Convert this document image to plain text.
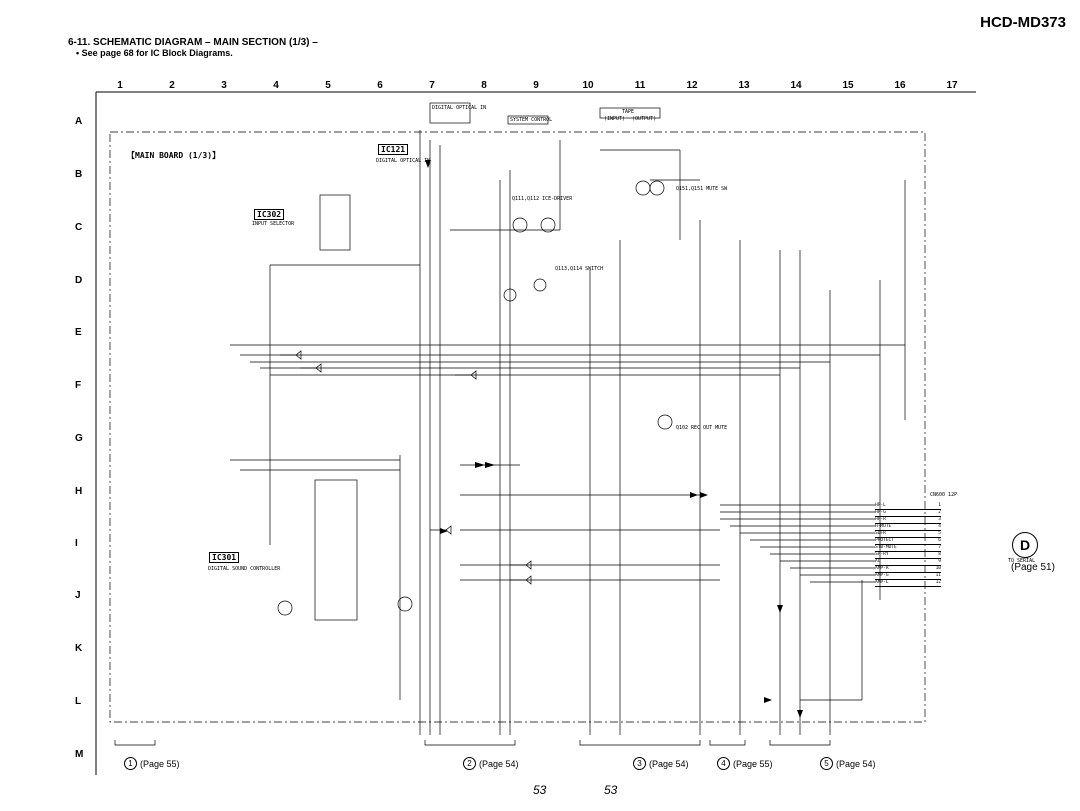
HCD-MD373
6-11. SCHEMATIC DIAGRAM – MAIN SECTION (1/3) –
• See page 68 for IC Block Diagrams.
1	2	3	4	5	6	7	8	9	10	11	12	13	14	15	16	17
A
B
C
D
E
F
G
H
I
J
K
L
M
【MAIN BOARD (1/3)】
IC121
IC302
IC301
DIGITAL OPTICAL IN
INPUT SELECTOR
DIGITAL SOUND CONTROLLER
DIGITAL OPTICAL IN
SYSTEM CONTROL
TAPE
(INPUT) (OUTPUT)
Q111,Q112 ICE-DRIVER
Q113,Q114 SWITCH
Q151,Q151 MUTE SW
Q102 REC OUT MUTE
CN600 12P
TO SERIAL
HP-L	1
HP-G	2
HP-R	3
H-MUTE	4
SDFR	5
PROTECT	6
STB-MUTE	7
SP-RY	8
AC	9
AMP-R	10
AMP-G	11
AMP-L	12
D
(Page 51)
1 (Page 55)	2 (Page 54)	3 (Page 54)	4 (Page 55)	5 (Page 54)
53	53
